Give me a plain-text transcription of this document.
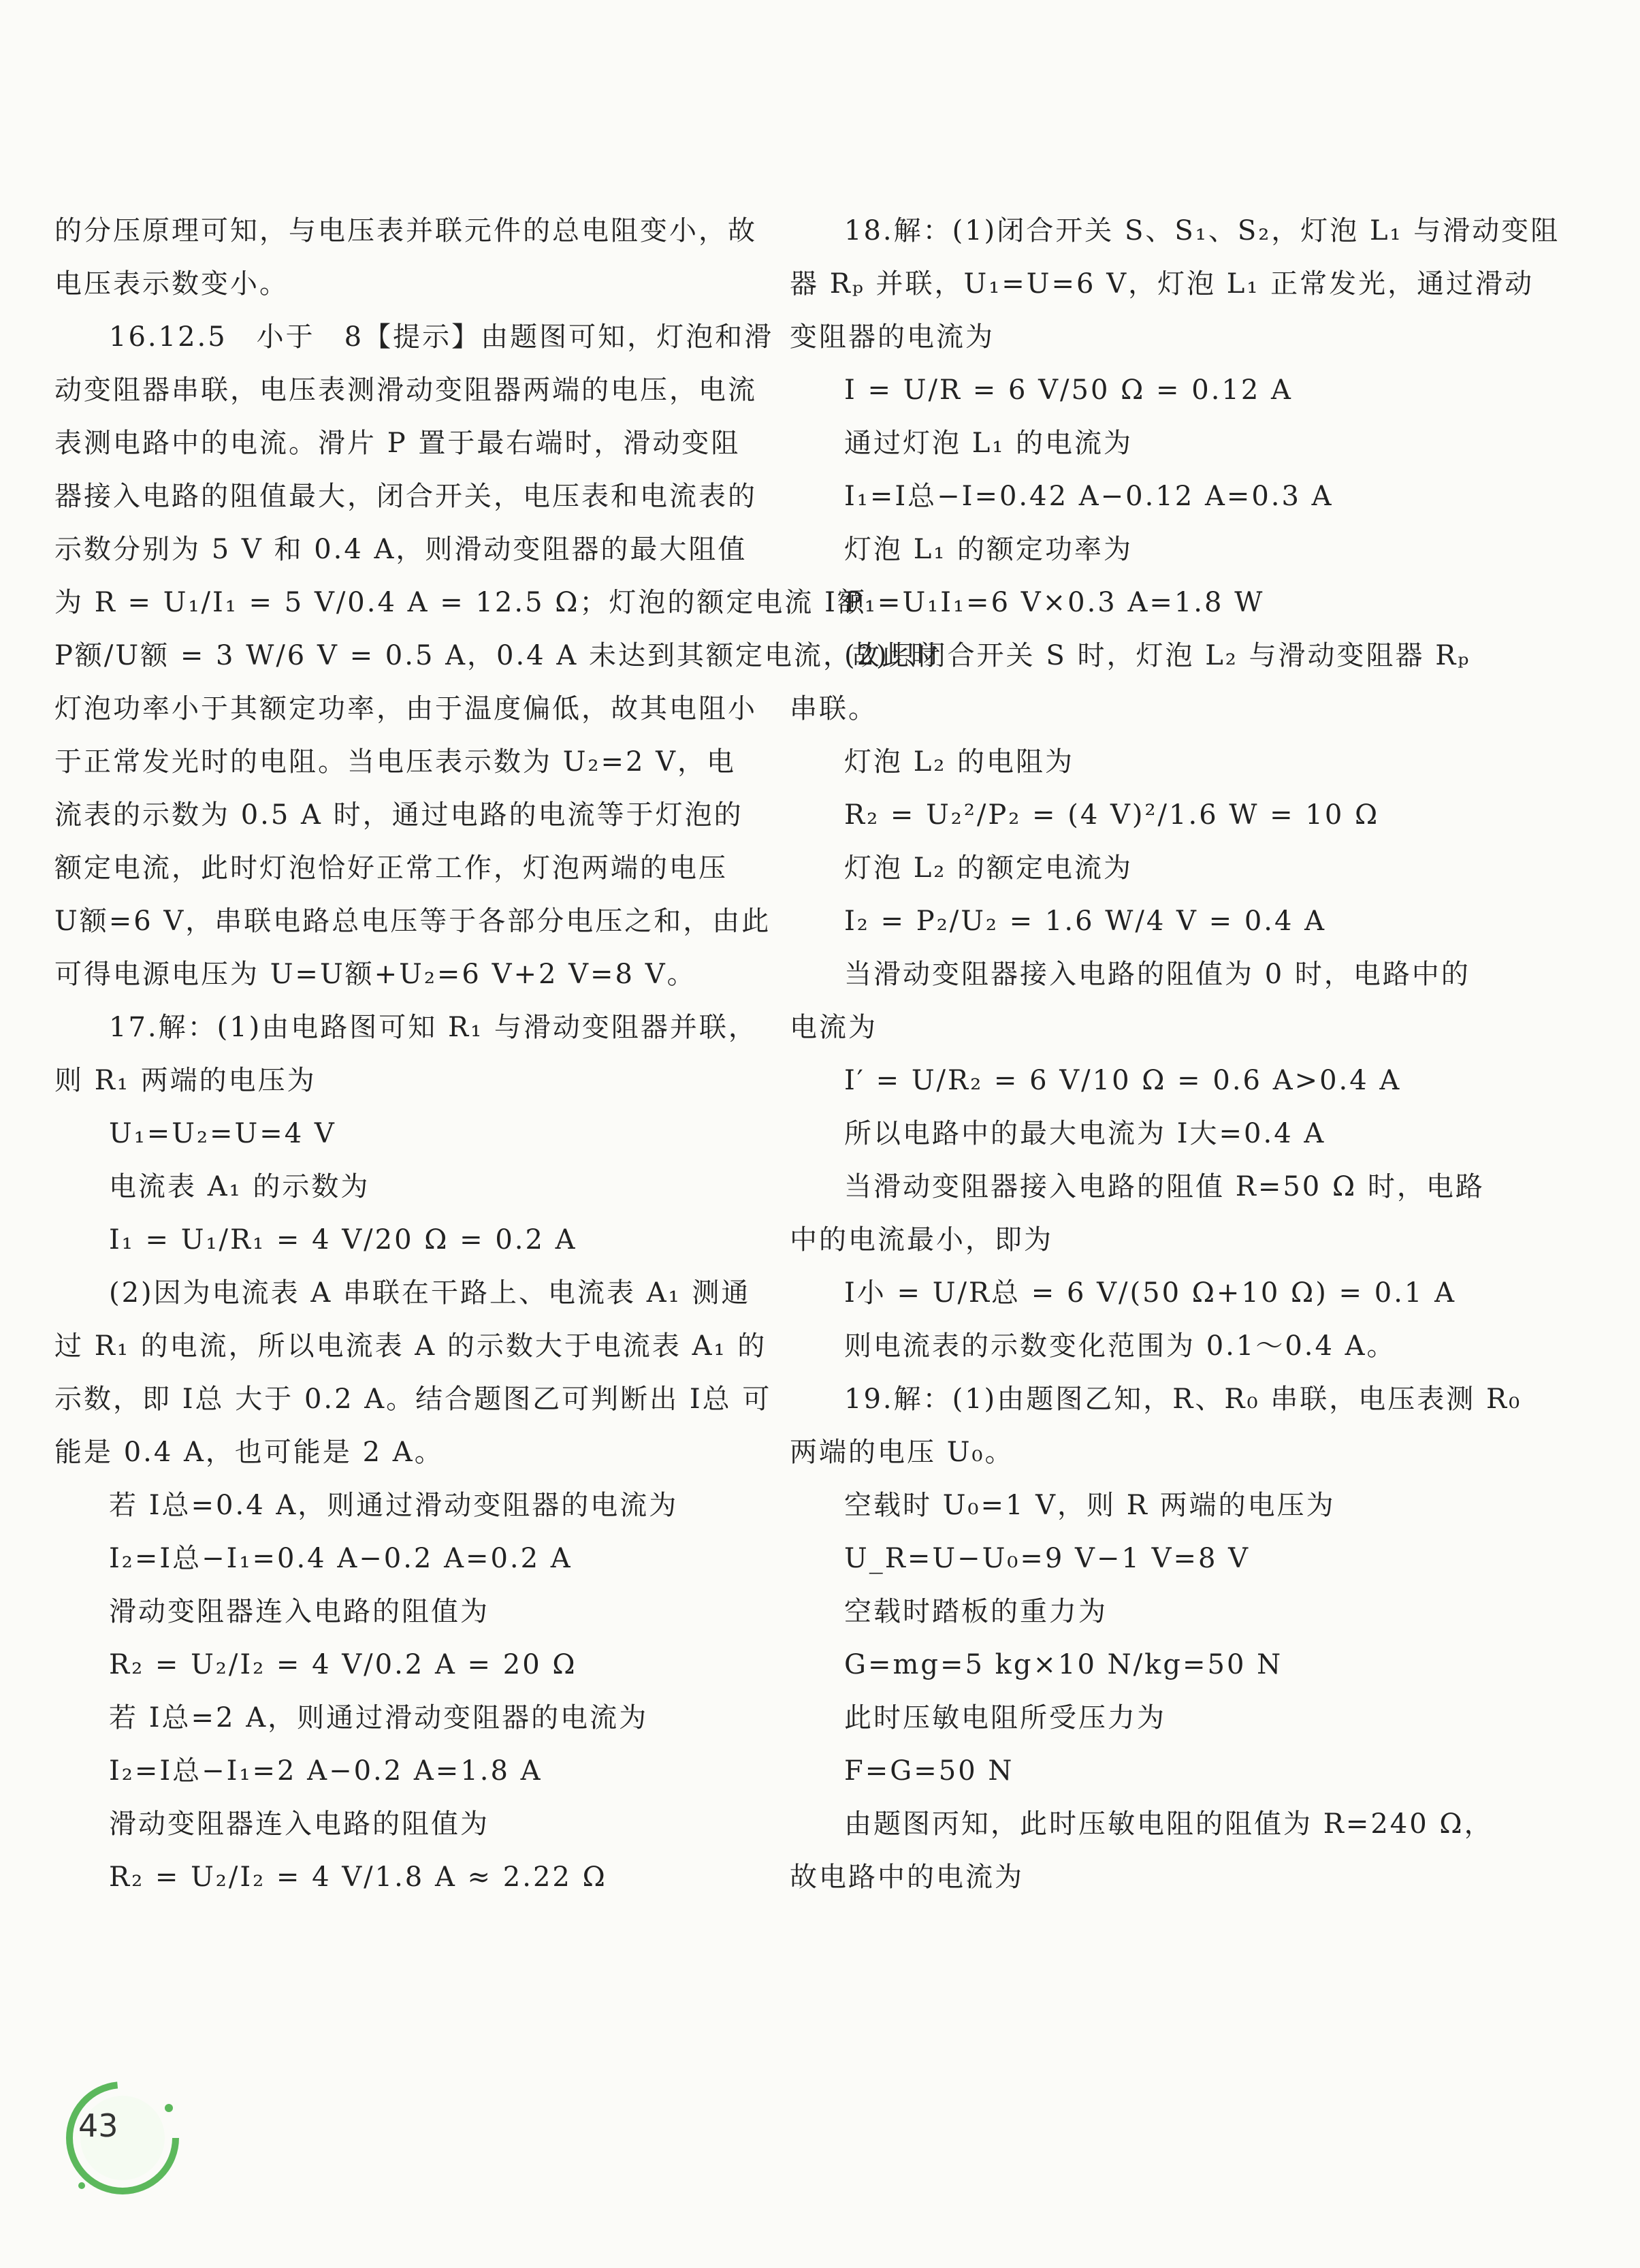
的分压原理可知，与电压表并联元件的总电阻变小，故
电压表示数变小。
16.12.5　小于　8【提示】由题图可知，灯泡和滑
动变阻器串联，电压表测滑动变阻器两端的电压，电流
表测电路中的电流。滑片 P 置于最右端时，滑动变阻
器接入电路的阻值最大，闭合开关，电压表和电流表的
示数分别为 5 V 和 0.4 A，则滑动变阻器的最大阻值
为 R = U₁/I₁ = 5 V/0.4 A = 12.5 Ω；灯泡的额定电流 I额 =
P额/U额 = 3 W/6 V = 0.5 A，0.4 A 未达到其额定电流，故此时
灯泡功率小于其额定功率，由于温度偏低，故其电阻小
于正常发光时的电阻。当电压表示数为 U₂=2 V，电
流表的示数为 0.5 A 时，通过电路的电流等于灯泡的
额定电流，此时灯泡恰好正常工作，灯泡两端的电压
U额=6 V，串联电路总电压等于各部分电压之和，由此
可得电源电压为 U=U额+U₂=6 V+2 V=8 V。
17.解：(1)由电路图可知 R₁ 与滑动变阻器并联，
则 R₁ 两端的电压为
U₁=U₂=U=4 V
电流表 A₁ 的示数为
I₁ = U₁/R₁ = 4 V/20 Ω = 0.2 A
(2)因为电流表 A 串联在干路上、电流表 A₁ 测通
过 R₁ 的电流，所以电流表 A 的示数大于电流表 A₁ 的
示数，即 I总 大于 0.2 A。结合题图乙可判断出 I总 可
能是 0.4 A，也可能是 2 A。
若 I总=0.4 A，则通过滑动变阻器的电流为
I₂=I总−I₁=0.4 A−0.2 A=0.2 A
滑动变阻器连入电路的阻值为
R₂ = U₂/I₂ = 4 V/0.2 A = 20 Ω
若 I总=2 A，则通过滑动变阻器的电流为
I₂=I总−I₁=2 A−0.2 A=1.8 A
滑动变阻器连入电路的阻值为
R₂ = U₂/I₂ = 4 V/1.8 A ≈ 2.22 Ω
18.解：(1)闭合开关 S、S₁、S₂，灯泡 L₁ 与滑动变阻
器 Rₚ 并联，U₁=U=6 V，灯泡 L₁ 正常发光，通过滑动
变阻器的电流为
I = U/R = 6 V/50 Ω = 0.12 A
通过灯泡 L₁ 的电流为
I₁=I总−I=0.42 A−0.12 A=0.3 A
灯泡 L₁ 的额定功率为
P₁=U₁I₁=6 V×0.3 A=1.8 W
(2)只闭合开关 S 时，灯泡 L₂ 与滑动变阻器 Rₚ
串联。
灯泡 L₂ 的电阻为
R₂ = U₂²/P₂ = (4 V)²/1.6 W = 10 Ω
灯泡 L₂ 的额定电流为
I₂ = P₂/U₂ = 1.6 W/4 V = 0.4 A
当滑动变阻器接入电路的阻值为 0 时，电路中的
电流为
I′ = U/R₂ = 6 V/10 Ω = 0.6 A>0.4 A
所以电路中的最大电流为 I大=0.4 A
当滑动变阻器接入电路的阻值 R=50 Ω 时，电路
中的电流最小，即为
I小 = U/R总 = 6 V/(50 Ω+10 Ω) = 0.1 A
则电流表的示数变化范围为 0.1～0.4 A。
19.解：(1)由题图乙知，R、R₀ 串联，电压表测 R₀
两端的电压 U₀。
空载时 U₀=1 V，则 R 两端的电压为
U_R=U−U₀=9 V−1 V=8 V
空载时踏板的重力为
G=mg=5 kg×10 N/kg=50 N
此时压敏电阻所受压力为
F=G=50 N
由题图丙知，此时压敏电阻的阻值为 R=240 Ω，
故电路中的电流为
43
